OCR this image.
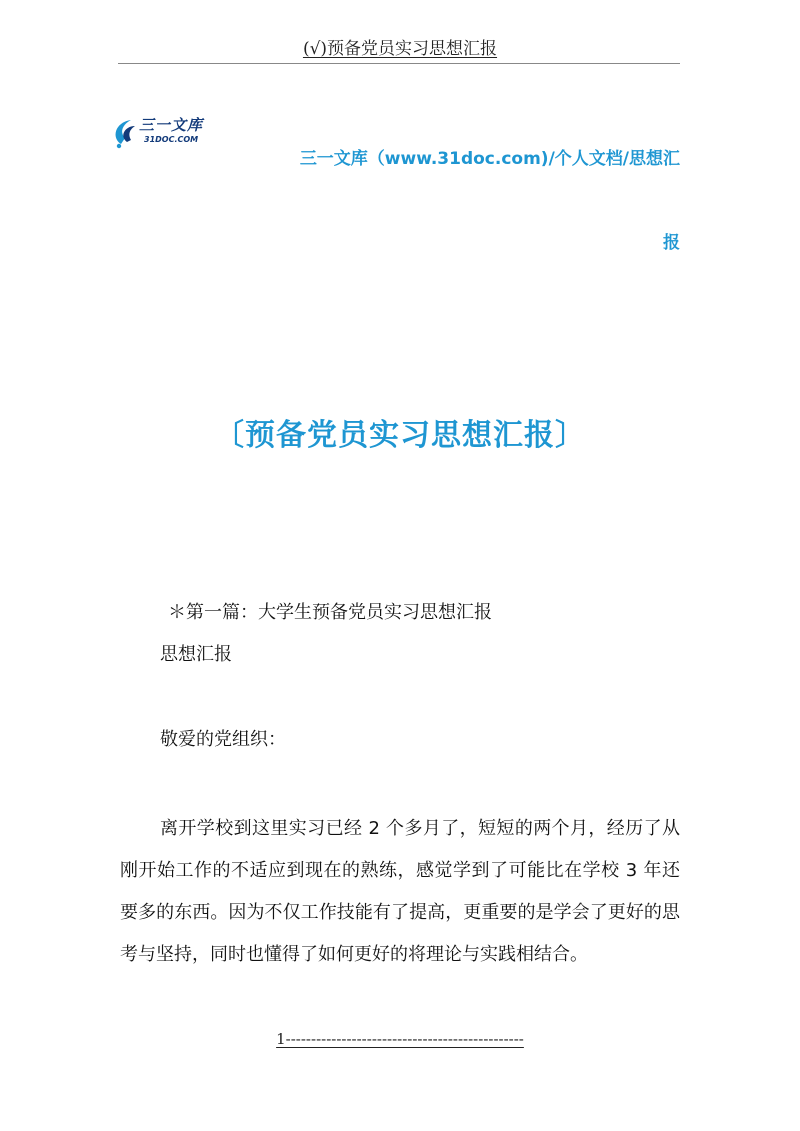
(√)预备党员实习思想汇报
三一文库
31DOC.COM
三一文库（www.31doc.com)/个人文档/思想汇
报
〔预备党员实习思想汇报〕
＊第一篇：大学生预备党员实习思想汇报
思想汇报
敬爱的党组织：

离开学校到这里实习已经 2 个多月了，短短的两个月，经历了从刚开始工作的不适应到现在的熟练，感觉学到了可能比在学校 3 年还要多的东西。因为不仅工作技能有了提高，更重要的是学会了更好的思考与坚持，同时也懂得了如何更好的将理论与实践相结合。

1-----------------------------------------------
